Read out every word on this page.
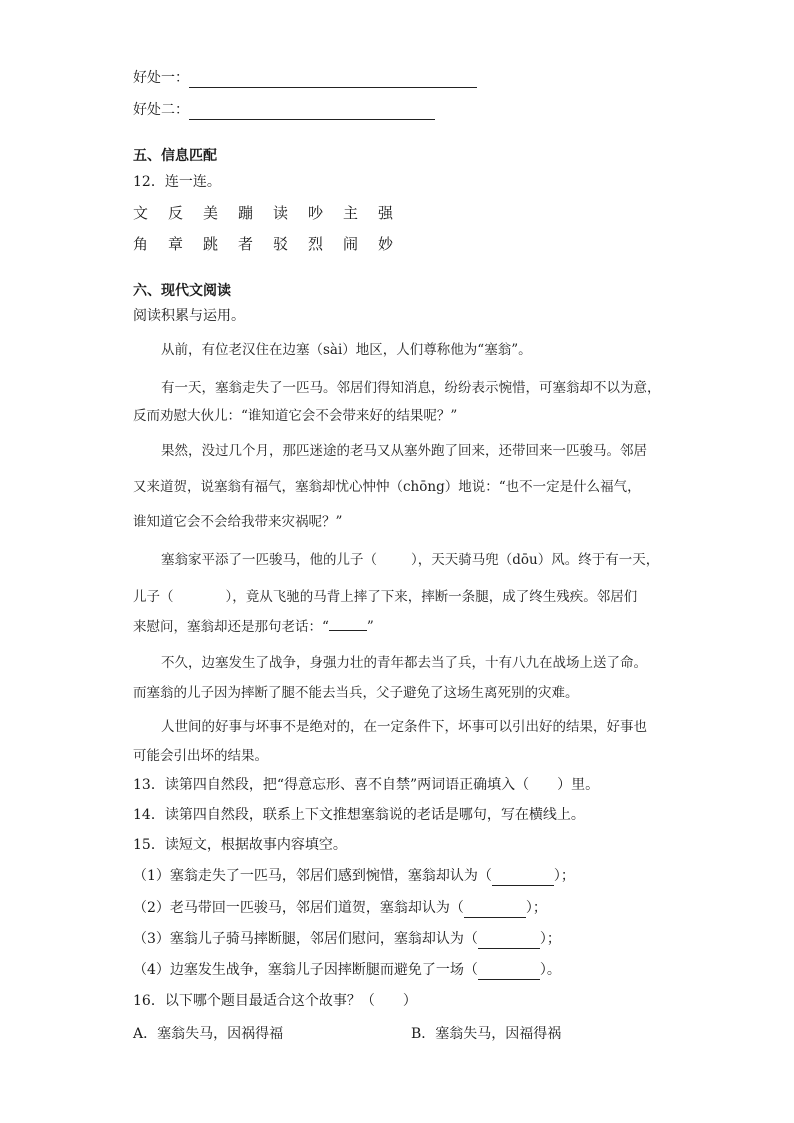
好处一：
好处二：
五、信息匹配
12．连一连。
文 反 美 蹦 读 吵 主 强
角 章 跳 者 驳 烈 闹 妙
六、现代文阅读
阅读积累与运用。
从前，有位老汉住在边塞（sài）地区，人们尊称他为“塞翁”。
有一天，塞翁走失了一匹马。邻居们得知消息，纷纷表示惋惜，可塞翁却不以为意，
反而劝慰大伙儿：“谁知道它会不会带来好的结果呢？”
果然，没过几个月，那匹迷途的老马又从塞外跑了回来，还带回来一匹骏马。邻居
又来道贺，说塞翁有福气，塞翁却忧心忡忡（chōng）地说：“也不一定是什么福气，
谁知道它会不会给我带来灾祸呢？”
塞翁家平添了一匹骏马，他的儿子（	），天天骑马兜（dōu）风。终于有一天，
儿子（	），竟从飞驰的马背上摔了下来，摔断一条腿，成了终生残疾。邻居们
来慰问，塞翁却还是那句老话：“	”
不久，边塞发生了战争，身强力壮的青年都去当了兵，十有八九在战场上送了命。
而塞翁的儿子因为摔断了腿不能去当兵，父子避免了这场生离死别的灾难。
人世间的好事与坏事不是绝对的，在一定条件下，坏事可以引出好的结果，好事也
可能会引出坏的结果。
13．读第四自然段，把“得意忘形、喜不自禁”两词语正确填入（　　）里。
14．读第四自然段，联系上下文推想塞翁说的老话是哪句，写在横线上。
15．读短文，根据故事内容填空。
（1）塞翁走失了一匹马，邻居们感到惋惜，塞翁却认为（	）；
（2）老马带回一匹骏马，邻居们道贺，塞翁却认为（	）；
（3）塞翁儿子骑马摔断腿，邻居们慰问，塞翁却认为（	）；
（4）边塞发生战争，塞翁儿子因摔断腿而避免了一场（	）。
16．以下哪个题目最适合这个故事？（　　）
A．塞翁失马，因祸得福	B．塞翁失马，因福得祸
